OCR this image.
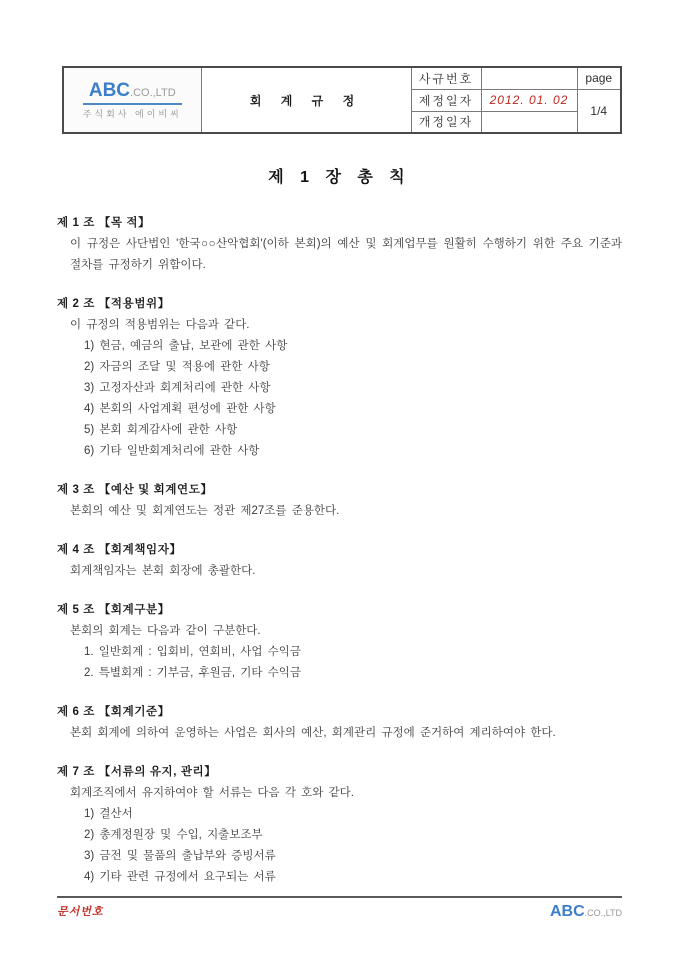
ABC.CO.,LTD
주식회사 에이비씨	회 계 규 정	사규번호		page
		제정일자	2012. 01. 02	1/4
		개정일자		
제 1 장 총 칙
제 1 조 【목 적】
이 규정은 사단법인 '한국○○산악협회'(이하 본회)의 예산 및 회계업무를 원활히 수행하기 위한 주요 기준과 절차를 규정하기 위함이다.
제 2 조 【적용범위】
이 규정의 적용범위는 다음과 같다.
1) 현금, 예금의 출납, 보관에 관한 사항
2) 자금의 조달 및 적용에 관한 사항
3) 고정자산과 회계처리에 관한 사항
4) 본회의 사업계획 편성에 관한 사항
5) 본회 회계감사에 관한 사항
6) 기타 일반회계처리에 관한 사항
제 3 조 【예산 및 회계연도】
본회의 예산 및 회계연도는 정관 제27조를 준용한다.
제 4 조 【회계책임자】
회계책임자는 본회 회장에 총괄한다.
제 5 조 【회계구분】
본회의 회계는 다음과 같이 구분한다.
1. 일반회계 : 입회비, 연회비, 사업 수익금
2. 특별회계 : 기부금, 후원금, 기타 수익금
제 6 조 【회계기준】
본회 회계에 의하여 운영하는 사업은 회사의 예산, 회계관리 규정에 준거하여 계리하여야 한다.
제 7 조 【서류의 유지, 관리】
회계조직에서 유지하여야 할 서류는 다음 각 호와 같다.
1) 결산서
2) 총계정원장 및 수입, 지출보조부
3) 금전 및 물품의 출납부와 증빙서류
4) 기타 관련 규정에서 요구되는 서류
문서번호	ABC.CO.,LTD
